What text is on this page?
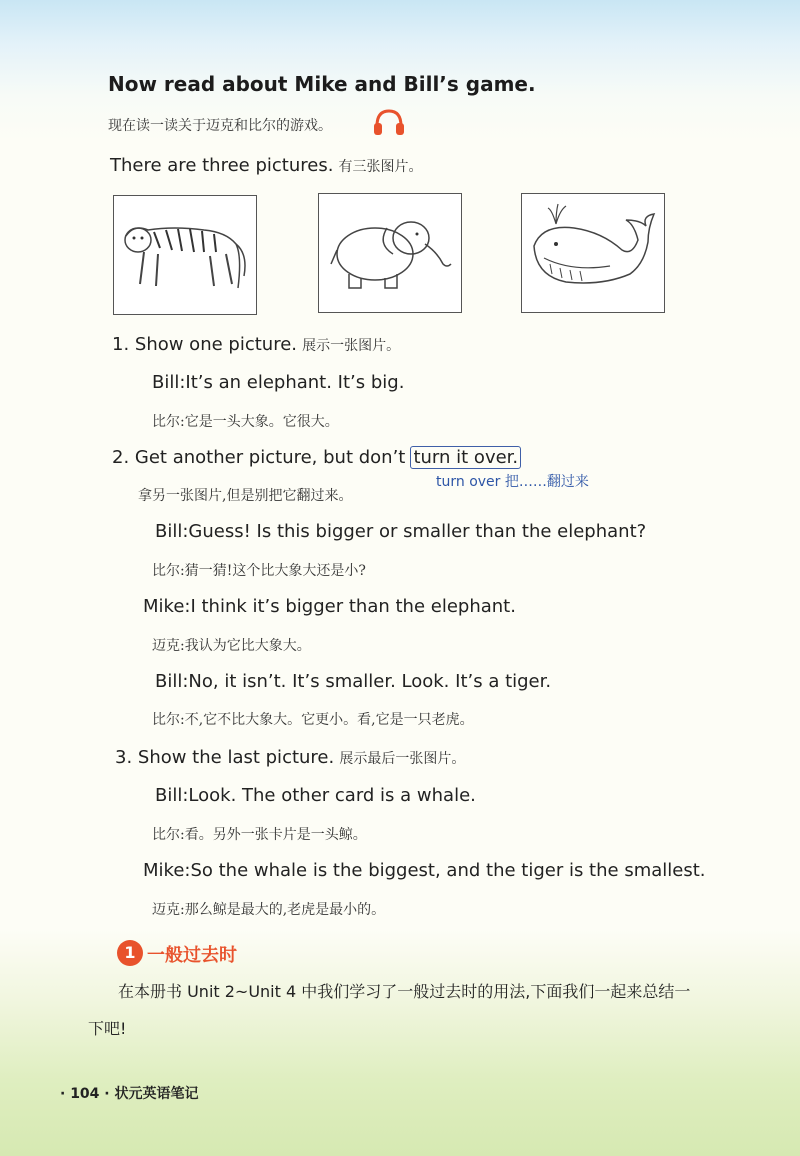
Now read about Mike and Bill’s game.
现在读一读关于迈克和比尔的游戏。
There are three pictures. 有三张图片。
1. Show one picture. 展示一张图片。
Bill:It’s an elephant. It’s big.
比尔:它是一头大象。它很大。
2. Get another picture, but don’t turn it over.
turn over 把……翻过来
拿另一张图片,但是别把它翻过来。
Bill:Guess! Is this bigger or smaller than the elephant?
比尔:猜一猜!这个比大象大还是小?
Mike:I think it’s bigger than the elephant.
迈克:我认为它比大象大。
Bill:No, it isn’t. It’s smaller. Look. It’s a tiger.
比尔:不,它不比大象大。它更小。看,它是一只老虎。
3. Show the last picture. 展示最后一张图片。
Bill:Look. The other card is a whale.
比尔:看。另外一张卡片是一头鲸。
Mike:So the whale is the biggest, and the tiger is the smallest.
迈克:那么鲸是最大的,老虎是最小的。
1 一般过去时
在本册书 Unit 2~Unit 4 中我们学习了一般过去时的用法,下面我们一起来总结一
下吧!
· 104 · 状元英语笔记
